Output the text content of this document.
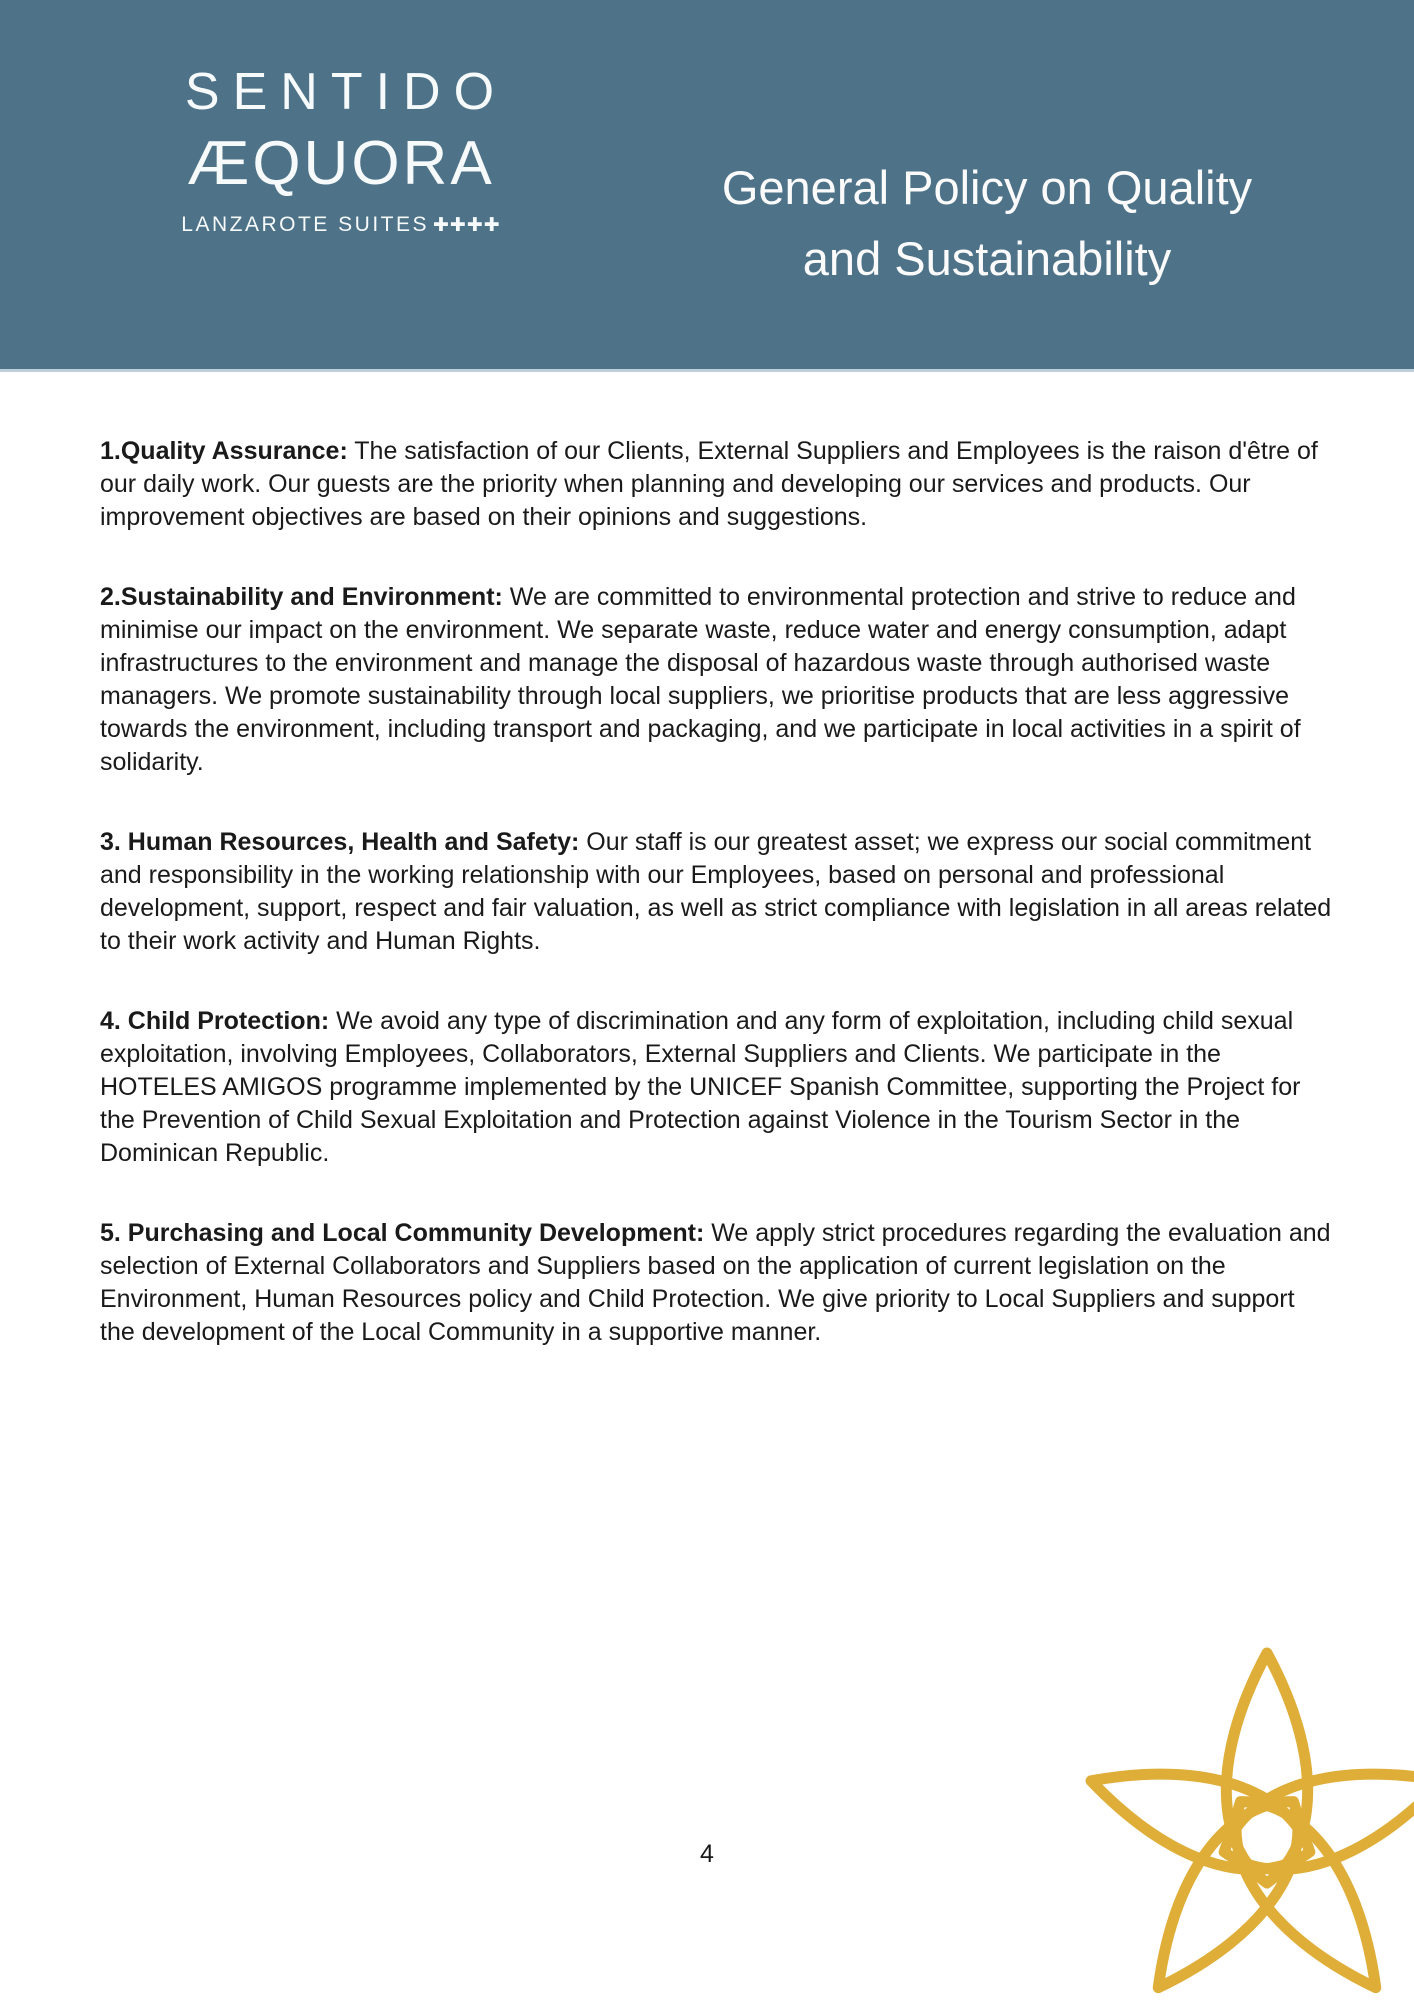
SENTIDO
ÆQUORA
LANZAROTE SUITES ✚✚✚✚
General Policy on Quality
and Sustainability

1.Quality Assurance: The satisfaction of our Clients, External Suppliers and Employees is the raison d'être of our daily work. Our guests are the priority when planning and developing our services and products. Our improvement objectives are based on their opinions and suggestions.

2.Sustainability and Environment: We are committed to environmental protection and strive to reduce and minimise our impact on the environment. We separate waste, reduce water and energy consumption, adapt infrastructures to the environment and manage the disposal of hazardous waste through authorised waste managers. We promote sustainability through local suppliers, we prioritise products that are less aggressive towards the environment, including transport and packaging, and we participate in local activities in a spirit of solidarity.

3. Human Resources, Health and Safety: Our staff is our greatest asset; we express our social commitment and responsibility in the working relationship with our Employees, based on personal and professional development, support, respect and fair valuation, as well as strict compliance with legislation in all areas related to their work activity and Human Rights.

4. Child Protection: We avoid any type of discrimination and any form of exploitation, including child sexual exploitation, involving Employees, Collaborators, External Suppliers and Clients. We participate in the HOTELES AMIGOS programme implemented by the UNICEF Spanish Committee, supporting the Project for the Prevention of Child Sexual Exploitation and Protection against Violence in the Tourism Sector in the Dominican Republic.

5. Purchasing and Local Community Development: We apply strict procedures regarding the evaluation and selection of External Collaborators and Suppliers based on the application of current legislation on the Environment, Human Resources policy and Child Protection. We give priority to Local Suppliers and support the development of the Local Community in a supportive manner.

4
